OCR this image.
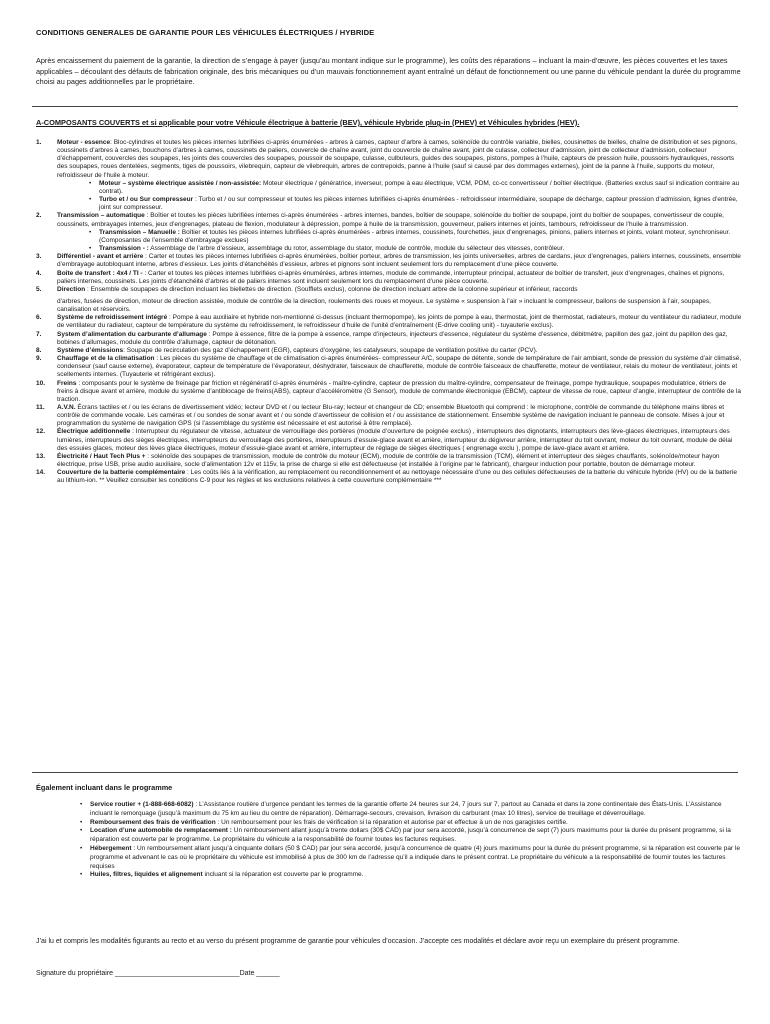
CONDITIONS GENERALES DE GARANTIE POUR LES VÉHICULES ÉLECTRIQUES / HYBRIDE
Après encaissement du paiement de la garantie, la direction de s’engage à payer (jusqu’au montant indique sur le programme), les coûts des réparations – incluant la main-d’œuvre, les pièces couvertes et les taxes applicables – découlant des défauts de fabrication originale, des bris mécaniques ou d’un mauvais fonctionnement ayant entraîné un défaut de fonctionnement ou une panne du véhicule pendant la durée du programme choisi au pages additionnelles par le propriétaire.
A-COMPOSANTS COUVERTS et si applicable pour votre Véhicule électrique à batterie (BEV), véhicule Hybride plug-in (PHEV) et Véhicules hybrides (HEV).

1. Moteur - essence: Bloc-cylindres et toutes les pièces internes lubrifiées ci-après énumérées - arbres à cames, capteur d’arbre à cames, solénoïde du contrôle variable, bielles, cousinettes de bielles, chaîne de distribution et ses pignons, coussinets d’arbres à cames, bouchons d’arbres à cames, coussinets de paliers, couvercle de chaîne avant, joint du couvercle de chaîne avant, joint de culasse, collecteur d’admission, joint de collecteur d’admission, collecteur d’échappement, couvercles des soupapes, les joints des couvercles des soupapes, poussoir de soupape, culasse, culbuteurs, guides des soupapes, pistons, pompes à l’huile, capteurs de pression huile, poussoirs hydrauliques, ressorts des soupapes, roues dentelées, segments, tiges de poussoirs, vilebrequin, capteur de vilebrequin, arbres de contrepoids, panne à l’huile (sauf si causé par des dommages externes), joint de la panne à l’huile, supports du moteur, refroidisseur de l’huile à moteur.

• Moteur – système électrique assistée / non-assistée: Moteur électrique / génératrice, inverseur, pompe à eau électrique, VCM, PDM, cc-cc convertisseur / boîtier électrique. (Batteries exclus sauf si indication contraire au contrat).

• Turbo et / ou Sur compresseur : Turbo et / ou sur compresseur et toutes les pièces internes lubrifiées ci-après énumérées - refroidisseur intermédiaire, soupape de décharge, capteur pression d’admission, lignes d’entrée, joint sur compresseur.

2. Transmission – automatique : Boîtier et toutes les pièces lubrifiées internes ci-après énumérées - arbres internes, bandes, boîtier de soupape, solénoïde du boîtier de soupape, joint du boîtier de soupapes, convertisseur de couple, coussinets, embrayages internes, jeux d’engrenages, plateau de flexion, modulateur à dépression, pompe à huile de la transmission, gouverneur, paliers internes et joints, tambours, refroidisseur de l’huile à transmission.

• Transmission – Manuelle : Boîtier et toutes les pièces internes lubrifiées ci-après énumérées - arbres internes, coussinets, fourchettes, jeux d’engrenages, pinions, paliers internes et joints, volant moteur, synchroniseur. (Composantes de l’ensemble d’embrayage exclues)

• Transmission - : Assemblage de l’arbre d’essieux, assemblage du rotor, assemblage du stator, module de contrôle, module du sélecteur des vitesses, contrôleur.

3. Différentiel - avant et arrière : Carter et toutes les pièces internes lubrifiées ci-après énumérées, boîtier porteur, arbres de transmission, les joints universelles, arbres de cardans, jeux d’engrenages, paliers internes, coussinets, ensemble d’embrayage autobloquant interne, arbres d’essieux. Les joints d’étanchéités d’essieux, arbres et pignons sont incluent seulement lors du remplacement d’une pièce couverte.

4. Boîte de transfert : 4x4 / TI - : Carter et toutes les pièces internes lubrifiées ci-après énumérées, arbres internes, module de commande, interrupteur principal, actuateur de boîtier de transfert, jeux d’engrenages, chaînes et pignons, paliers internes, coussinets. Les joints d’étanchéité d’arbres et de paliers internes sont incluent seulement lors du remplacement d’une pièce couverte.

5. Direction : Ensemble de soupapes de direction incluant les biellettes de direction. (Soufflets exclus), colonne de direction incluant arbre de la colonne supérieur et inférieur, raccords

d’arbres, fusées de direction, moteur de direction assistée, module de contrôle de la direction, roulements des roues et moyeux. Le système « suspension à l’air » incluant le compresseur, ballons de suspension à l’air, soupapes, canalisation et réservoirs.

6. Système de refroidissement intégré : Pompe à eau auxiliaire et hybride non-mentionné ci-dessus (incluant thermopompe), les joints de pompe à eau, thermostat, joint de thermostat, radiateurs, moteur du ventilateur du radiateur, module de ventilateur du radiateur, capteur de température du système du refroidissement, le refroidisseur d’huile de l’unité d’entraînement (E-drive cooling unit) - tuyauterie exclus).

7. System d’alimentation du carburante d’allumage : Pompe à essence, filtre de la pompe à essence, rampe d’injecteurs, injecteurs d’essence, régulateur du système d’essence, débitmètre, papillon des gaz, joint du papillon des gaz, bobines d’allumages, module du contrôle d’allumage, capteur de détonation.

8. Système d’émissions: Soupape de recirculation des gaz d’échappement (EGR), capteurs d’oxygène, les catalyseurs, soupape de ventilation positive du carter (PCV).

9. Chauffage et de la climatisation : Les pièces du système de chauffage et de climatisation ci-après énumérées- compresseur A/C, soupape de détente, sonde de température de l’air ambiant, sonde de pression du système d’air climatisé, condenseur (sauf cause externe), évaporateur, capteur de température de l’évaporateur, déshydrater, faisceaux de chaufferette, module de contrôle faisceaux de chaufferette, moteur de ventilateur, relais du moteur de ventilateur, joints et scellements internes. (Tuyauterie et réfrigérant exclus).

10. Freins : composants pour le système de freinage par friction et régénératif ci-après énumérés - maître-cylindre, capteur de pression du maître-cylindre, compensateur de freinage, pompe hydraulique, soupapes modulatrice, étriers de freins à disque avant et arrière, module du système d’antiblocage de freins(ABS), capteur d’accéléromètre (G Sensor), module de commande électronique (EBCM), capteur de vitesse de roue, capteur d’angle, interrupteur de contrôle de la traction.

11. A.V.N. Écrans tactiles et / ou les écrans de divertissement vidéo; lecteur DVD et / ou lecteur Blu-ray; lecteur et changeur de CD; ensemble Bluetooth qui comprend : le microphone, contrôle de commande du téléphone mains libres et contrôle de commande vocale. Les caméras et / ou sondes de sonar avant et / ou sonde d’avertisseur de collision et / ou assistance de stationnement. Ensemble système de navigation incluant le panneau de console. Mises à jour et programmation du système de navigation GPS (si l’assemblage du système est nécessaire et est autorisé à être remplacé).

12. Électrique additionnelle : Interrupteur du régulateur de vitesse, actuateur de verrouillage des portières (module d’ouverture de poignée exclus) , interrupteurs des dignotants, interrupteurs des lève-glaces électriques, interrupteurs des lumières, interrupteurs des sièges électriques, interrupteurs du verrouillage des portières, interrupteurs d’essuie-glace avant et arrière, interrupteur du dégivreur arrière, interrupteur du toit ouvrant, moteur du toit ouvrant, module de délai des essuies glaces, moteur des lèves glace électriques, moteur d’essuie-glace avant et arrière, interrupteur de réglage de sièges électriques ( engrenage exclu ), pompe de lave-glace avant et arrière.

13. Électricité / Haut Tech Plus + : solénoïde des soupapes de transmission, module de contrôle du moteur (ECM), module de contrôle de la transmission (TCM), élément et interrupteur des sièges chauffants, solénoïde/moteur hayon électrique, prise USB, prise audio auxiliaire, socle d’alimentation 12v et 115v, la prise de charge si elle est défectueuse (et installée à l’origine par le fabricant), chargeur induction pour portable, bouton de démarrage moteur.

14. Couverture de la batterie complémentaire : Les coûts liés à la vérification, au remplacement ou reconditionnement et au nettoyage nécessaire d’une ou des cellules défectueuses de la batterie du véhicule hybride (HV) ou de la batterie au lithium-ion. ** Veuillez consulter les conditions C-9 pour les règles et les exclusions relatives à cette couverture complémentaire ***

Également incluant dans le programme

• Service routier + (1-888-668-6082) : L’Assistance routière d’urgence pendant les termes de la garantie offerte 24 heures sur 24, 7 jours sur 7, partout au Canada et dans la zone continentale des États-Unis. L’Assistance incluant le remorquage (jusqu’à maximum du 75 km au lieu du centre de réparation). Démarrage-secours, crevaison, livraison du carburant (max 10 litres), service de treuillage et déverrouillage.

• Remboursement des frais de vérification : Un remboursement pour les frais de vérification si la réparation et autorise par et effectue à un de nos garagistes certifie.

• Location d’une automobile de remplacement : Un remboursement allant jusqu’à trente dollars (30$ CAD) par jour sera accordé, jusqu’à concurrence de sept (7) jours maximums pour la durée du présent programme, si la réparation est couverte par le programme. Le propriétaire du véhicule a la responsabilité de fournir toutes les factures requises.

• Hébergement : Un remboursement allant jusqu’à cinquante dollars (50 $ CAD) par jour sera accordé, jusqu’à concurrence de quatre (4) jours maximums pour la durée du présent programme, si la réparation est couverte par le programme et advenant le cas où le propriétaire du véhicule est immobilisé à plus de 300 km de l’adresse qu’il a indiquée dans le présent contrat. Le propriétaire du véhicule a la responsabilité de fournir toutes les factures requises

• Huiles, filtres, liquides et alignement incluant si la réparation est couverte par le programme.

J’ai lu et compris les modalités figurants au recto et au verso du présent programme de garantie pour véhicules d’occasion. J’accepte ces modalités et déclare avoir reçu un exemplaire du présent programme.
Signature du propriétaire ________________________________Date ______
